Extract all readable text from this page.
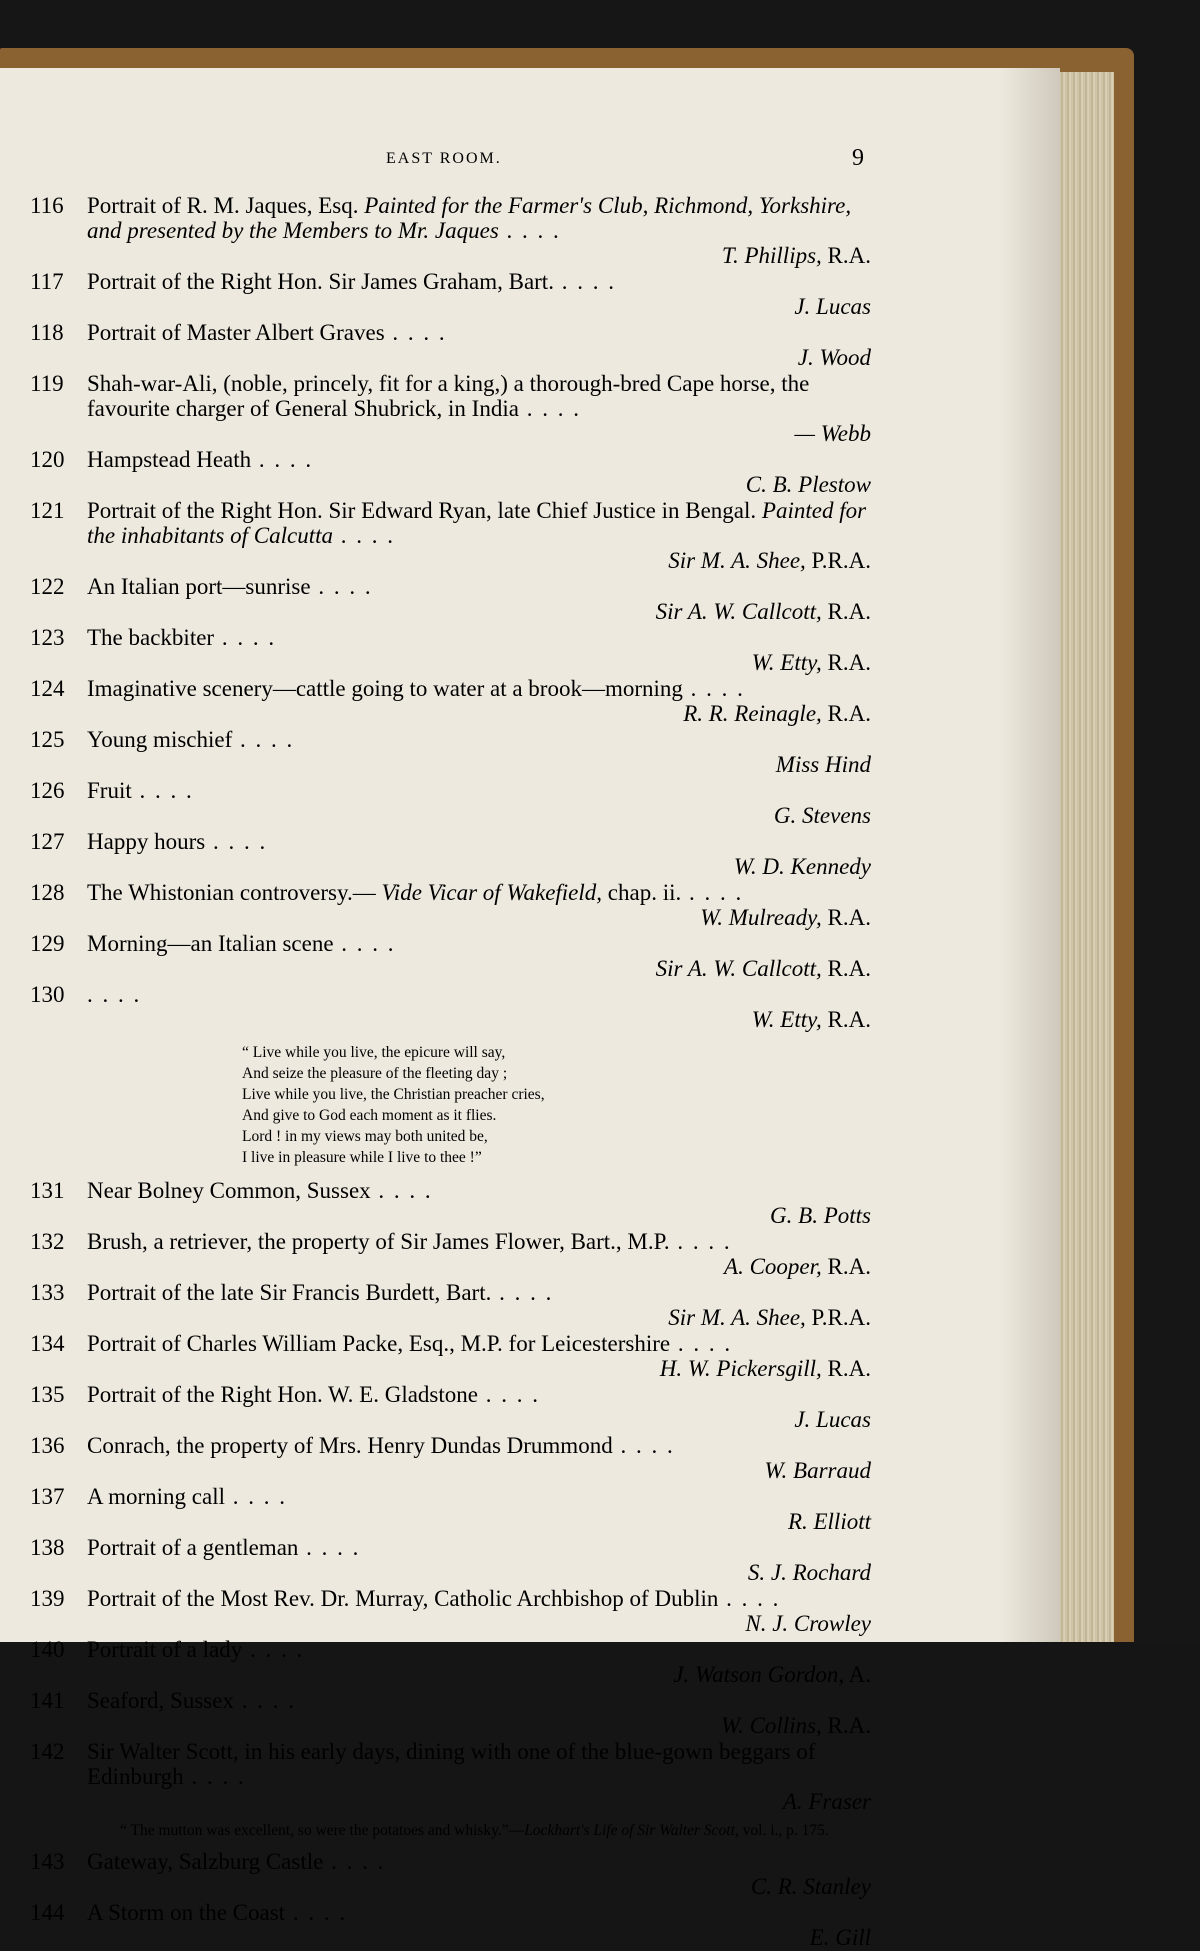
EAST ROOM.	9
116	Portrait of R. M. Jaques, Esq. Painted for the Farmer's Club, Richmond, Yorkshire, and presented by the Members to Mr. Jaques . . . .
T. Phillips, R.A.
117	Portrait of the Right Hon. Sir James Graham, Bart. . . . .
J. Lucas
118	Portrait of Master Albert Graves . . . .
J. Wood
119	Shah-war-Ali, (noble, princely, fit for a king,) a thorough-bred Cape horse, the favourite charger of General Shubrick, in India . . . .
— Webb
120 Hampstead Heath . . . .
C. B. Plestow
121 Portrait of the Right Hon. Sir Edward Ryan, late Chief Justice in Bengal. Painted for the inhabitants of Calcutta . . . .
Sir M. A. Shee, P.R.A.
122 An Italian port—sunrise . . . .
Sir A. W. Callcott, R.A.
123 The backbiter . . . .
W. Etty, R.A.
124 Imaginative scenery—cattle going to water at a brook—morning . . . .
R. R. Reinagle, R.A.
125 Young mischief . . . .
Miss Hind
126 Fruit . . . .
G. Stevens
127 Happy hours . . . .
W. D. Kennedy
128 The Whistonian controversy.— Vide Vicar of Wakefield, chap. ii. . . . .
W. Mulready, R.A.
129 Morning—an Italian scene . . . .
Sir A. W. Callcott, R.A.
130 . . . .
W. Etty, R.A.
“ Live while you live, the epicure will say,
And seize the pleasure of the fleeting day ;
Live while you live, the Christian preacher cries,
And give to God each moment as it flies.
Lord ! in my views may both united be,
I live in pleasure while I live to thee !”
131 Near Bolney Common, Sussex . . . .
G. B. Potts
132 Brush, a retriever, the property of Sir James Flower, Bart., M.P. . . . .
A. Cooper, R.A.
133 Portrait of the late Sir Francis Burdett, Bart. . . . .
Sir M. A. Shee, P.R.A.
134 Portrait of Charles William Packe, Esq., M.P. for Leicestershire . . . .
H. W. Pickersgill, R.A.
135 Portrait of the Right Hon. W. E. Gladstone . . . .
J. Lucas
136 Conrach, the property of Mrs. Henry Dundas Drummond . . . .
W. Barraud
137 A morning call . . . .
R. Elliott
138 Portrait of a gentleman . . . .
S. J. Rochard
139 Portrait of the Most Rev. Dr. Murray, Catholic Archbishop of Dublin . . . .
N. J. Crowley
140 Portrait of a lady . . . .
J. Watson Gordon, A.
141 Seaford, Sussex . . . .
W. Collins, R.A.
142 Sir Walter Scott, in his early days, dining with one of the blue-gown beggars of Edinburgh . . . .
A. Fraser
“ The mutton was excellent, so were the potatoes and whisky.”—Lockhart's Life of Sir Walter Scott, vol. i., p. 175.
143 Gateway, Salzburg Castle . . . .
C. R. Stanley
144 A Storm on the Coast . . . .
E. Gill
